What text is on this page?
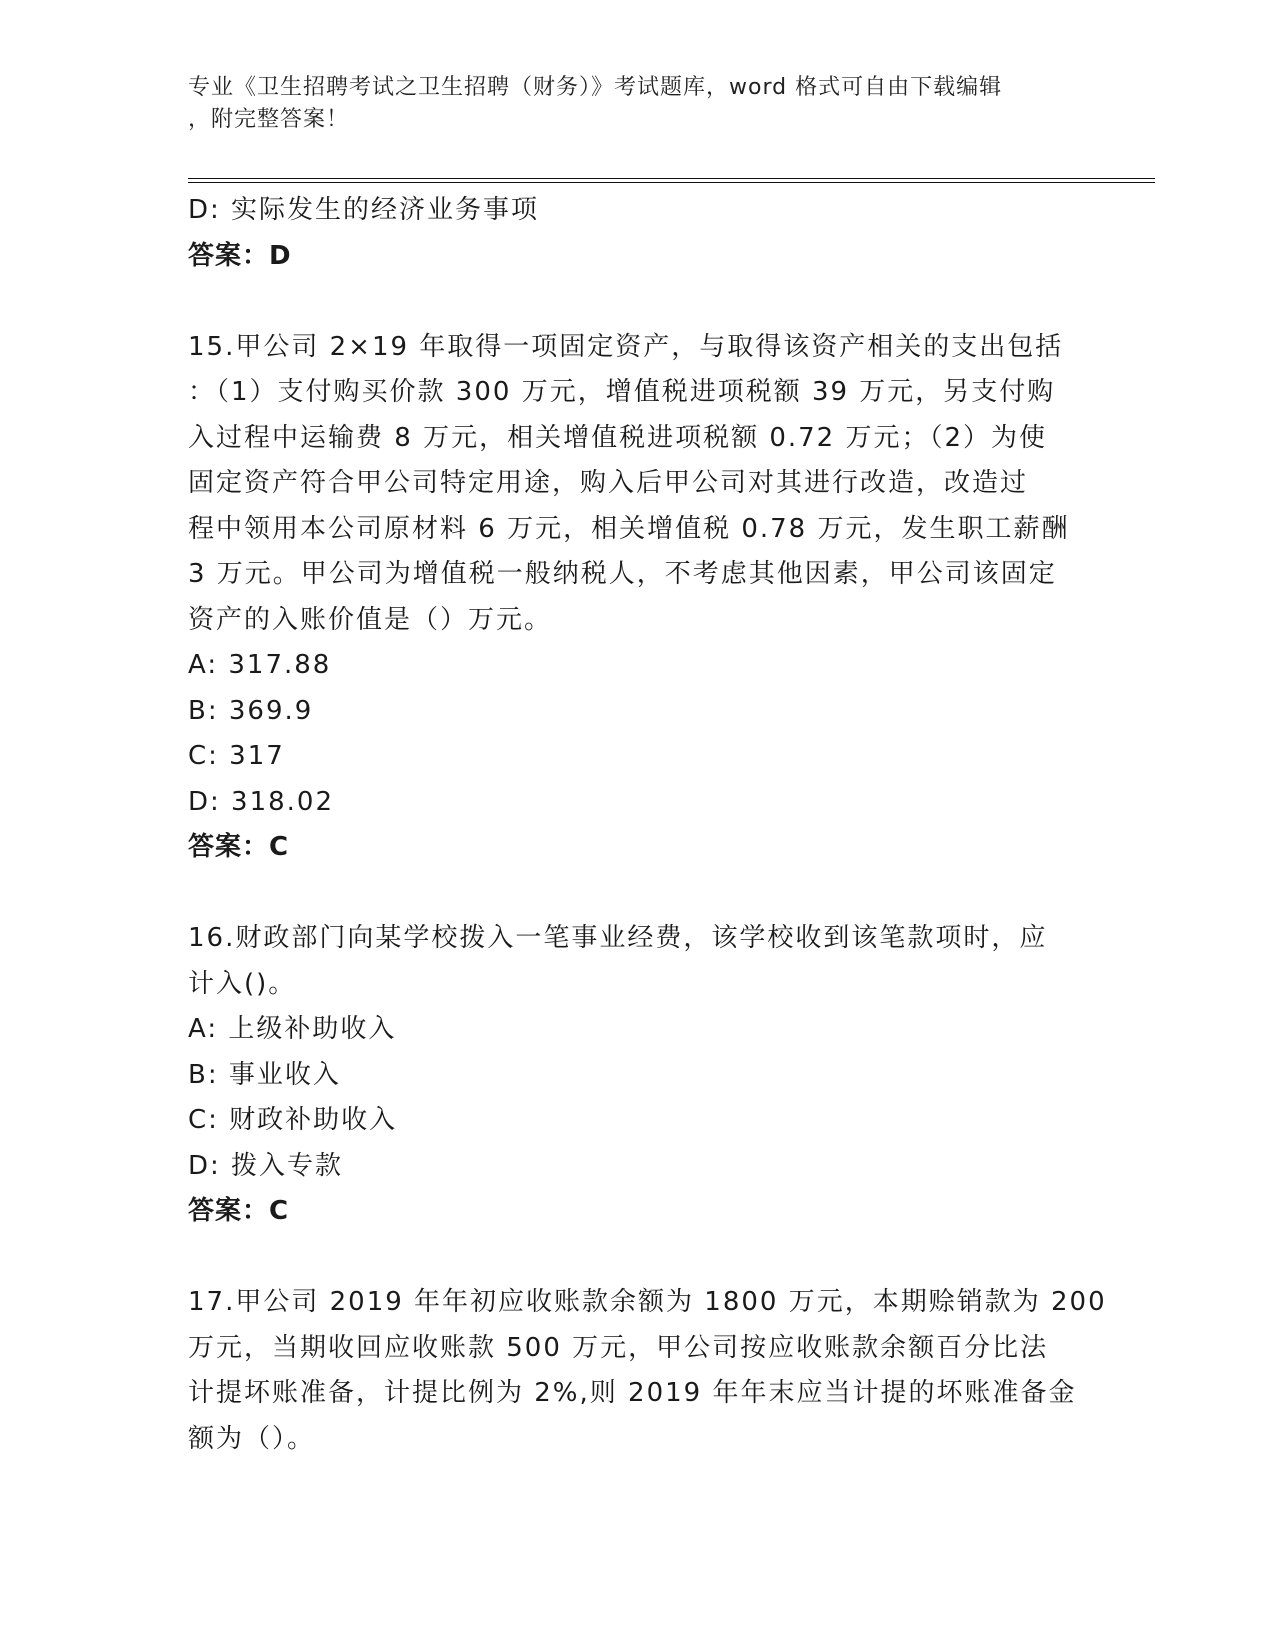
专业《卫生招聘考试之卫生招聘（财务）》考试题库，word 格式可自由下载编辑
，附完整答案！
D: 实际发生的经济业务事项
答案：D
15.甲公司 2×19 年取得一项固定资产，与取得该资产相关的支出包括
：（1）支付购买价款 300 万元，增值税进项税额 39 万元，另支付购
入过程中运输费 8 万元，相关增值税进项税额 0.72 万元；（2）为使
固定资产符合甲公司特定用途，购入后甲公司对其进行改造，改造过
程中领用本公司原材料 6 万元，相关增值税 0.78 万元，发生职工薪酬
3 万元。甲公司为增值税一般纳税人，不考虑其他因素，甲公司该固定
资产的入账价值是（）万元。
A: 317.88
B: 369.9
C: 317
D: 318.02
答案：C
16.财政部门向某学校拨入一笔事业经费，该学校收到该笔款项时，应
计入()。
A: 上级补助收入
B: 事业收入
C: 财政补助收入
D: 拨入专款
答案：C
17.甲公司 2019 年年初应收账款余额为 1800 万元，本期赊销款为 200
万元，当期收回应收账款 500 万元，甲公司按应收账款余额百分比法
计提坏账准备，计提比例为 2%,则 2019 年年末应当计提的坏账准备金
额为（）。
